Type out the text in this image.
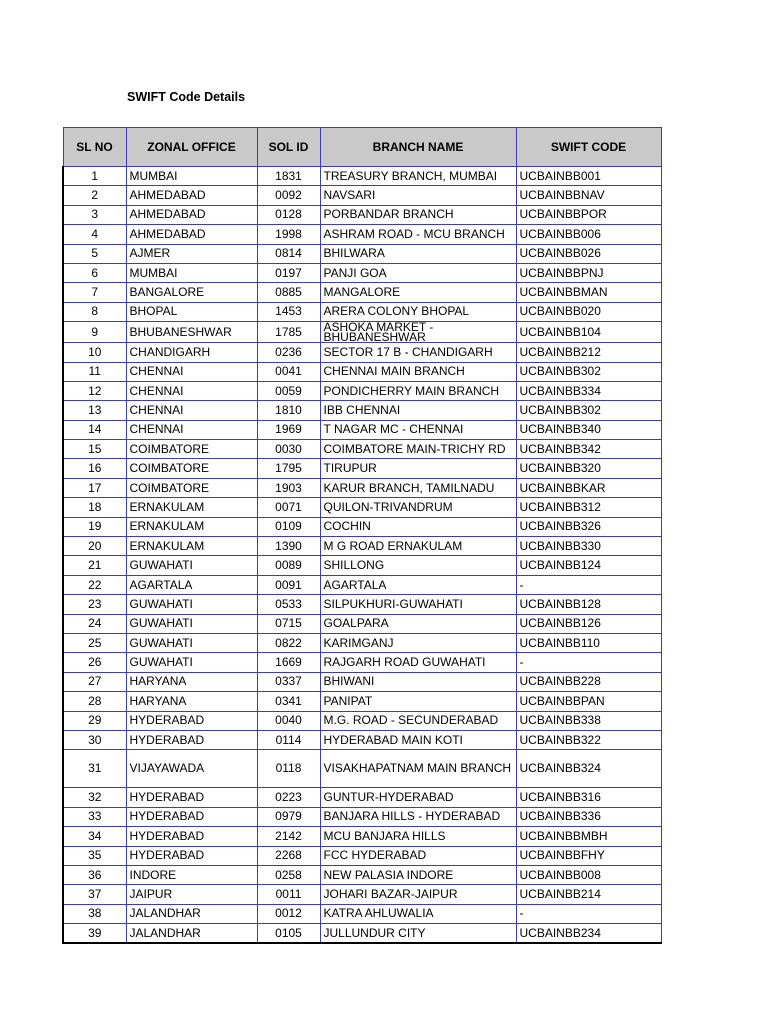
SWIFT Code Details
SL NO	ZONAL OFFICE	SOL ID	BRANCH NAME	SWIFT CODE
1	MUMBAI	1831	TREASURY BRANCH, MUMBAI	UCBAINBB001
2	AHMEDABAD	0092	NAVSARI	UCBAINBBNAV
3	AHMEDABAD	0128	PORBANDAR BRANCH	UCBAINBBPOR
4	AHMEDABAD	1998	ASHRAM ROAD - MCU BRANCH	UCBAINBB006
5	AJMER	0814	BHILWARA	UCBAINBB026
6	MUMBAI	0197	PANJI GOA	UCBAINBBPNJ
7	BANGALORE	0885	MANGALORE	UCBAINBBMAN
8	BHOPAL	1453	ARERA COLONY BHOPAL	UCBAINBB020
9	BHUBANESHWAR	1785	ASHOKA MARKET - BHUBANESHWAR	UCBAINBB104
10	CHANDIGARH	0236	SECTOR 17 B - CHANDIGARH	UCBAINBB212
11	CHENNAI	0041	CHENNAI MAIN BRANCH	UCBAINBB302
12	CHENNAI	0059	PONDICHERRY MAIN BRANCH	UCBAINBB334
13	CHENNAI	1810	IBB CHENNAI	UCBAINBB302
14	CHENNAI	1969	T NAGAR MC - CHENNAI	UCBAINBB340
15	COIMBATORE	0030	COIMBATORE MAIN-TRICHY RD	UCBAINBB342
16	COIMBATORE	1795	TIRUPUR	UCBAINBB320
17	COIMBATORE	1903	KARUR BRANCH, TAMILNADU	UCBAINBBKAR
18	ERNAKULAM	0071	QUILON-TRIVANDRUM	UCBAINBB312
19	ERNAKULAM	0109	COCHIN	UCBAINBB326
20	ERNAKULAM	1390	M G ROAD ERNAKULAM	UCBAINBB330
21	GUWAHATI	0089	SHILLONG	UCBAINBB124
22	AGARTALA	0091	AGARTALA	-
23	GUWAHATI	0533	SILPUKHURI-GUWAHATI	UCBAINBB128
24	GUWAHATI	0715	GOALPARA	UCBAINBB126
25	GUWAHATI	0822	KARIMGANJ	UCBAINBB110
26	GUWAHATI	1669	RAJGARH ROAD GUWAHATI	-
27	HARYANA	0337	BHIWANI	UCBAINBB228
28	HARYANA	0341	PANIPAT	UCBAINBBPAN
29	HYDERABAD	0040	M.G. ROAD - SECUNDERABAD	UCBAINBB338
30	HYDERABAD	0114	HYDERABAD MAIN KOTI	UCBAINBB322
31	VIJAYAWADA	0118	VISAKHAPATNAM MAIN BRANCH	UCBAINBB324
32	HYDERABAD	0223	GUNTUR-HYDERABAD	UCBAINBB316
33	HYDERABAD	0979	BANJARA HILLS - HYDERABAD	UCBAINBB336
34	HYDERABAD	2142	MCU BANJARA HILLS	UCBAINBBMBH
35	HYDERABAD	2268	FCC HYDERABAD	UCBAINBBFHY
36	INDORE	0258	NEW PALASIA INDORE	UCBAINBB008
37	JAIPUR	0011	JOHARI BAZAR-JAIPUR	UCBAINBB214
38	JALANDHAR	0012	KATRA AHLUWALIA	-
39	JALANDHAR	0105	JULLUNDUR CITY	UCBAINBB234
